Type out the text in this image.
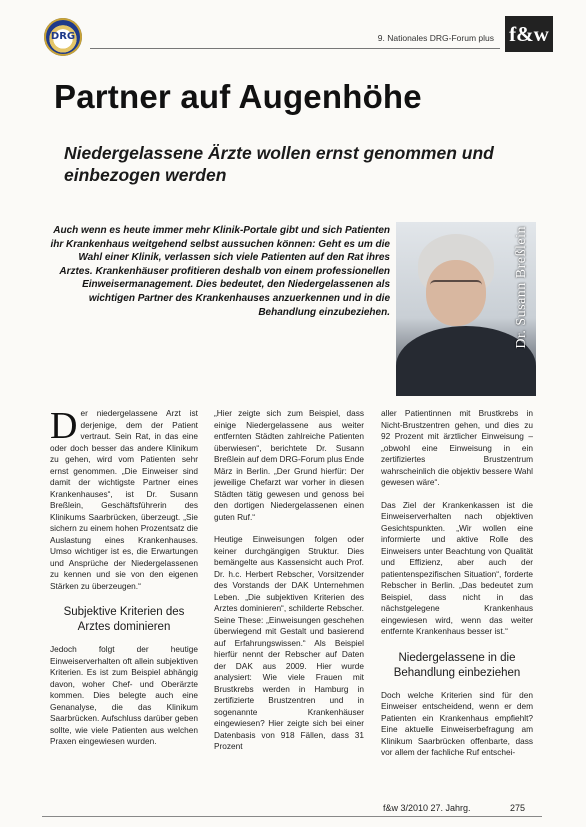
DRG	9. Nationales DRG-Forum plus f&w
Partner auf Augenhöhe
Niedergelassene Ärzte wollen ernst genommen und einbezogen werden
Auch wenn es heute immer mehr Klinik-Portale gibt und sich Patienten ihr Krankenhaus weitgehend selbst aussuchen können: Geht es um die Wahl einer Klinik, verlassen sich viele Patienten auf den Rat ihres Arztes. Krankenhäuser profitieren deshalb von einem professionellen Einweisermanagement. Dies bedeutet, den Niedergelassenen als wichtigen Partner des Krankenhauses anzuerkennen und in die Behandlung einzubeziehen.	Dr. Susann Breßlein

Der niedergelassene Arzt ist derjenige, dem der Patient vertraut. Sein Rat, in das eine oder doch besser das andere Klinikum zu gehen, wird vom Patienten sehr ernst genommen. „Die Einweiser sind damit der wichtigste Partner eines Krankenhauses“, ist Dr. Susann Breßlein, Geschäftsführerin des Klinikums Saarbrücken, überzeugt. „Sie sichern zu einem hohen Prozentsatz die Auslastung eines Krankenhauses. Umso wichtiger ist es, die Erwartungen und Ansprüche der Niedergelassenen zu kennen und sie von den eigenen Stärken zu überzeugen.“

Subjektive Kriterien des Arztes dominieren

Jedoch folgt der heutige Einweiserverhalten oft allein subjektiven Kriterien. Es ist zum Beispiel abhängig davon, woher Chef- und Oberärzte kommen. Dies belegte auch eine Genanalyse, die das Klinikum Saarbrücken. Aufschluss darüber geben sollte, wie viele Patienten aus welchen Praxen eingewiesen wurden.

„Hier zeigte sich zum Beispiel, dass einige Niedergelassene aus weiter entfernten Städten zahlreiche Patienten überwiesen“, berichtete Dr. Susann Breßlein auf dem DRG-Forum plus Ende März in Berlin. „Der Grund hierfür: Der jeweilige Chefarzt war vorher in diesen Städten tätig gewesen und genoss bei den dortigen Niedergelassenen einen guten Ruf.“

Heutige Einweisungen folgen oder keiner durchgängigen Struktur. Dies bemängelte aus Kassensicht auch Prof. Dr. h.c. Herbert Rebscher, Vorsitzender des Vorstands der DAK Unternehmen Leben. „Die subjektiven Kriterien des Arztes dominieren“, schilderte Rebscher. Seine These: „Einweisungen geschehen überwiegend mit Gestalt und basierend auf Erfahrungswissen.“ Als Beispiel hierfür nennt der Rebscher auf Daten der DAK aus 2009. Hier wurde analysiert: Wie viele Frauen mit Brustkrebs werden in Hamburg in zertifizierte Brustzentren und in sogenannte Krankenhäuser eingewiesen? Hier zeigte sich bei einer Datenbasis von 918 Fällen, dass 31 Prozent

aller Patientinnen mit Brustkrebs in Nicht-Brustzentren gehen, und dies zu 92 Prozent mit ärztlicher Einweisung – „obwohl eine Einweisung in ein zertifiziertes Brustzentrum wahrscheinlich die objektiv bessere Wahl gewesen wäre“.

Das Ziel der Krankenkassen ist die Einweiserverhalten nach objektiven Gesichtspunkten. „Wir wollen eine informierte und aktive Rolle des Einweisers unter Beachtung von Qualität und Effizienz, aber auch der patientenspezifischen Situation“, forderte Rebscher in Berlin. „Das bedeutet zum Beispiel, dass nicht in das nächstgelegene Krankenhaus eingewiesen wird, wenn das weiter entfernte Krankenhaus besser ist.“

Niedergelassene in die Behandlung einbeziehen

Doch welche Kriterien sind für den Einweiser entscheidend, wenn er dem Patienten ein Krankenhaus empfiehlt? Eine aktuelle Einweiserbefragung am Klinikum Saarbrücken offenbarte, dass vor allem der fachliche Ruf entschei-

f&w 3/2010 27. Jahrg.	275
